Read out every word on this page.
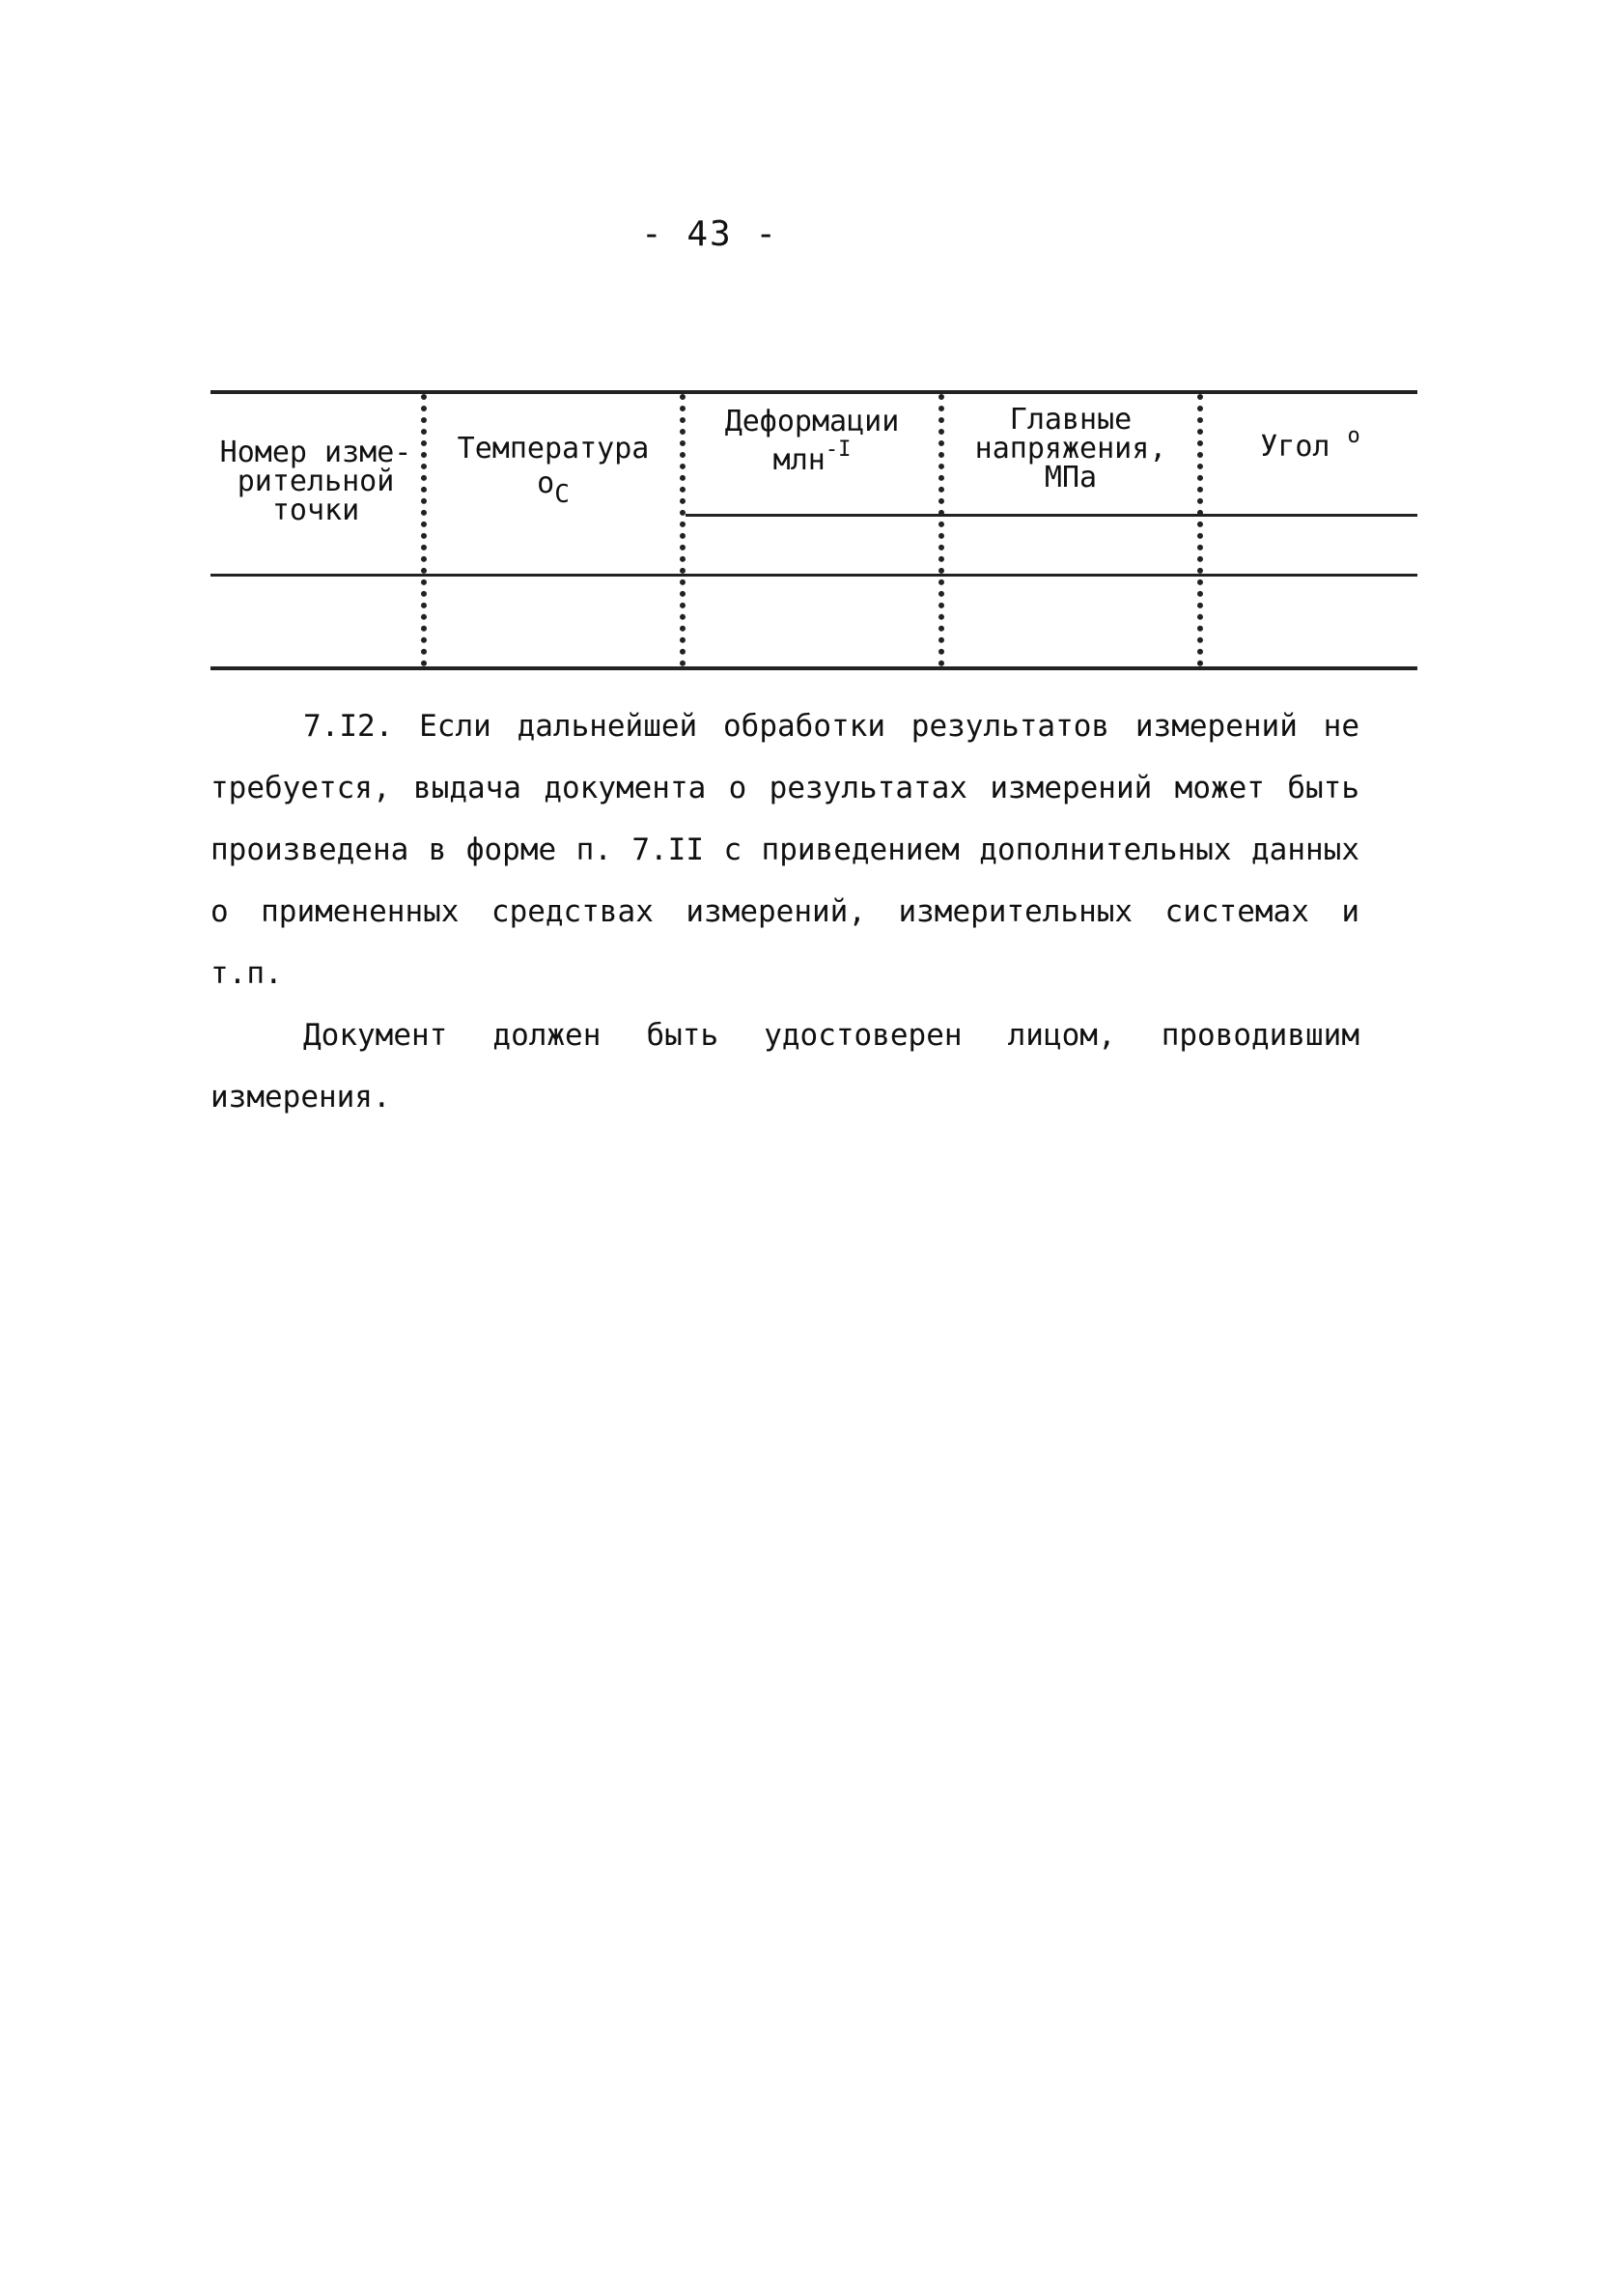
- 43 -
Номер изме-
рительной
точки
Температура
oC
Деформации
млн$^{-I}$
Главные
напряжения,
МПа
Угол $^o$

7.I2. Если дальнейшей обработки результатов измерений не требуется, выдача документа о результатах измерений может быть произведена в форме п. 7.II с приведением дополнительных данных о примененных средствах измерений, измерительных системах и т.п.

Документ должен быть удостоверен лицом, проводившим измерения.
